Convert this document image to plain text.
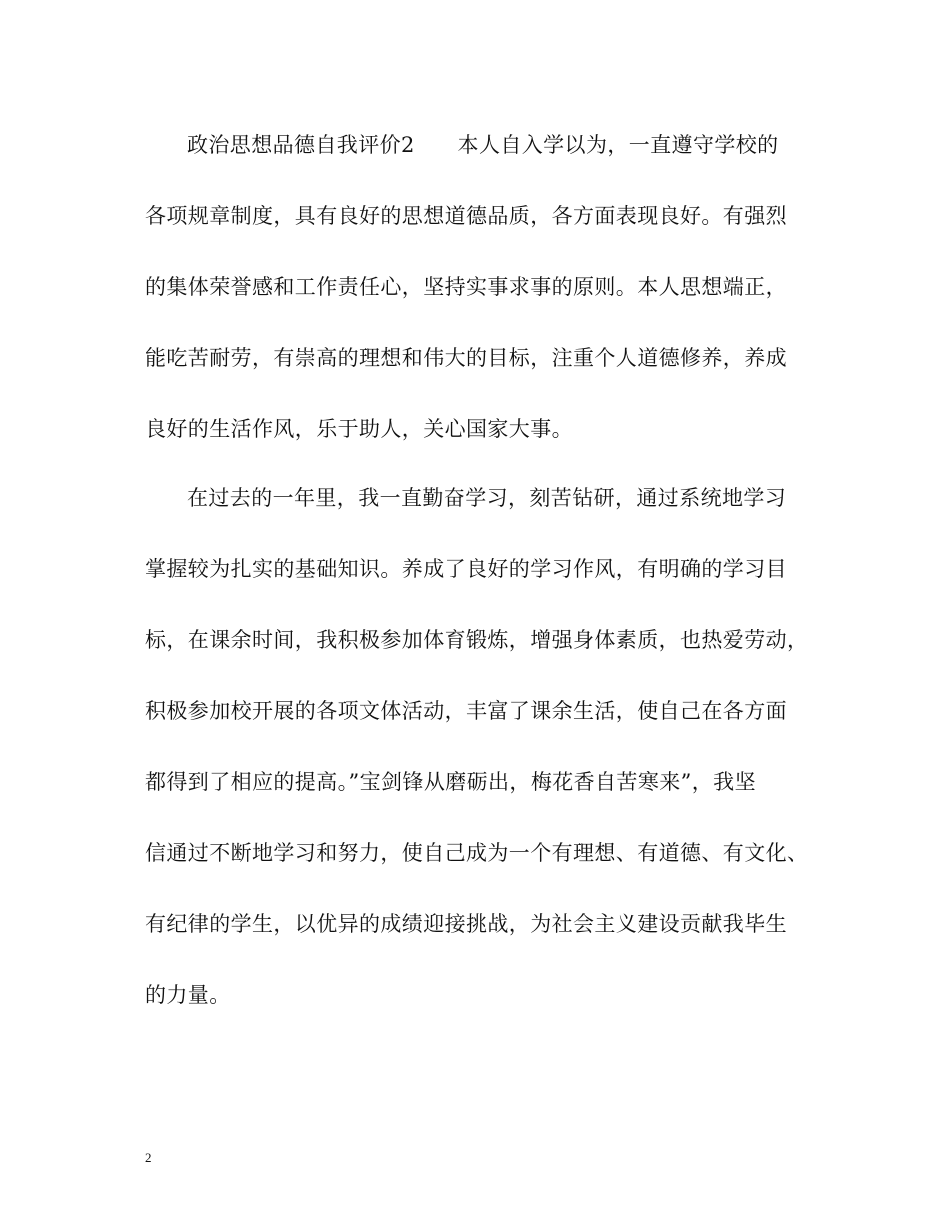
政治思想品德自我评价2　　本人自入学以为，一直遵守学校的
各项规章制度，具有良好的思想道德品质，各方面表现良好。有强烈
的集体荣誉感和工作责任心，坚持实事求事的原则。本人思想端正，
能吃苦耐劳，有崇高的理想和伟大的目标，注重个人道德修养，养成
良好的生活作风，乐于助人，关心国家大事。
在过去的一年里，我一直勤奋学习，刻苦钻研，通过系统地学习
掌握较为扎实的基础知识。养成了良好的学习作风，有明确的学习目
标，在课余时间，我积极参加体育锻炼，增强身体素质，也热爱劳动，
积极参加校开展的各项文体活动，丰富了课余生活，使自己在各方面
都得到了相应的提高。”宝剑锋从磨砺出，梅花香自苦寒来”，我坚
信通过不断地学习和努力，使自己成为一个有理想、有道德、有文化、
有纪律的学生，以优异的成绩迎接挑战，为社会主义建设贡献我毕生
的力量。
2
